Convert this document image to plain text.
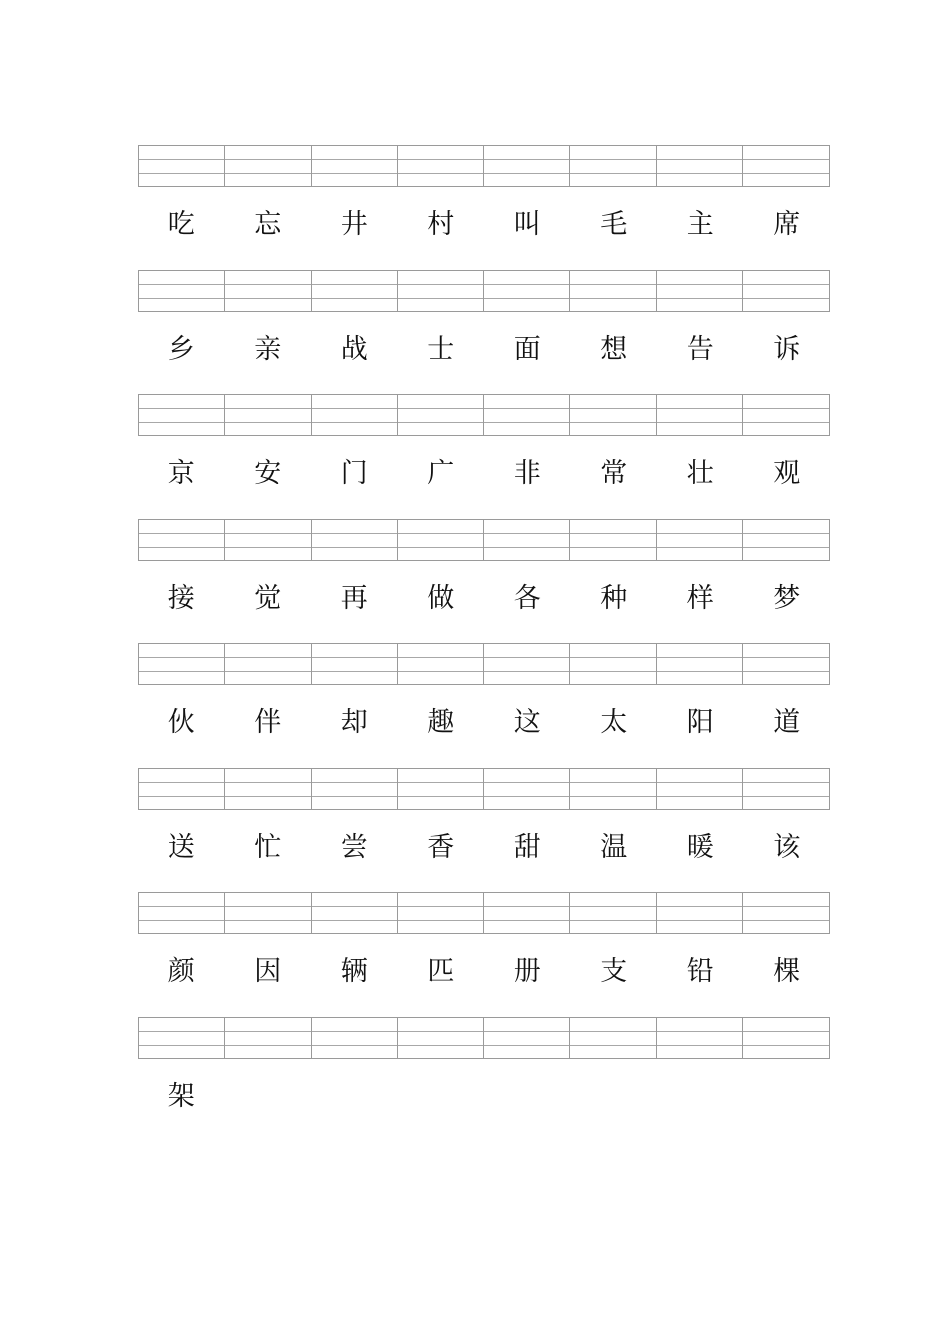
吃	忘	井	村	叫	毛	主	席
乡	亲	战	士	面	想	告	诉
京	安	门	广	非	常	壮	观
接	觉	再	做	各	种	样	梦
伙	伴	却	趣	这	太	阳	道
送	忙	尝	香	甜	温	暖	该
颜	因	辆	匹	册	支	铅	棵
架
